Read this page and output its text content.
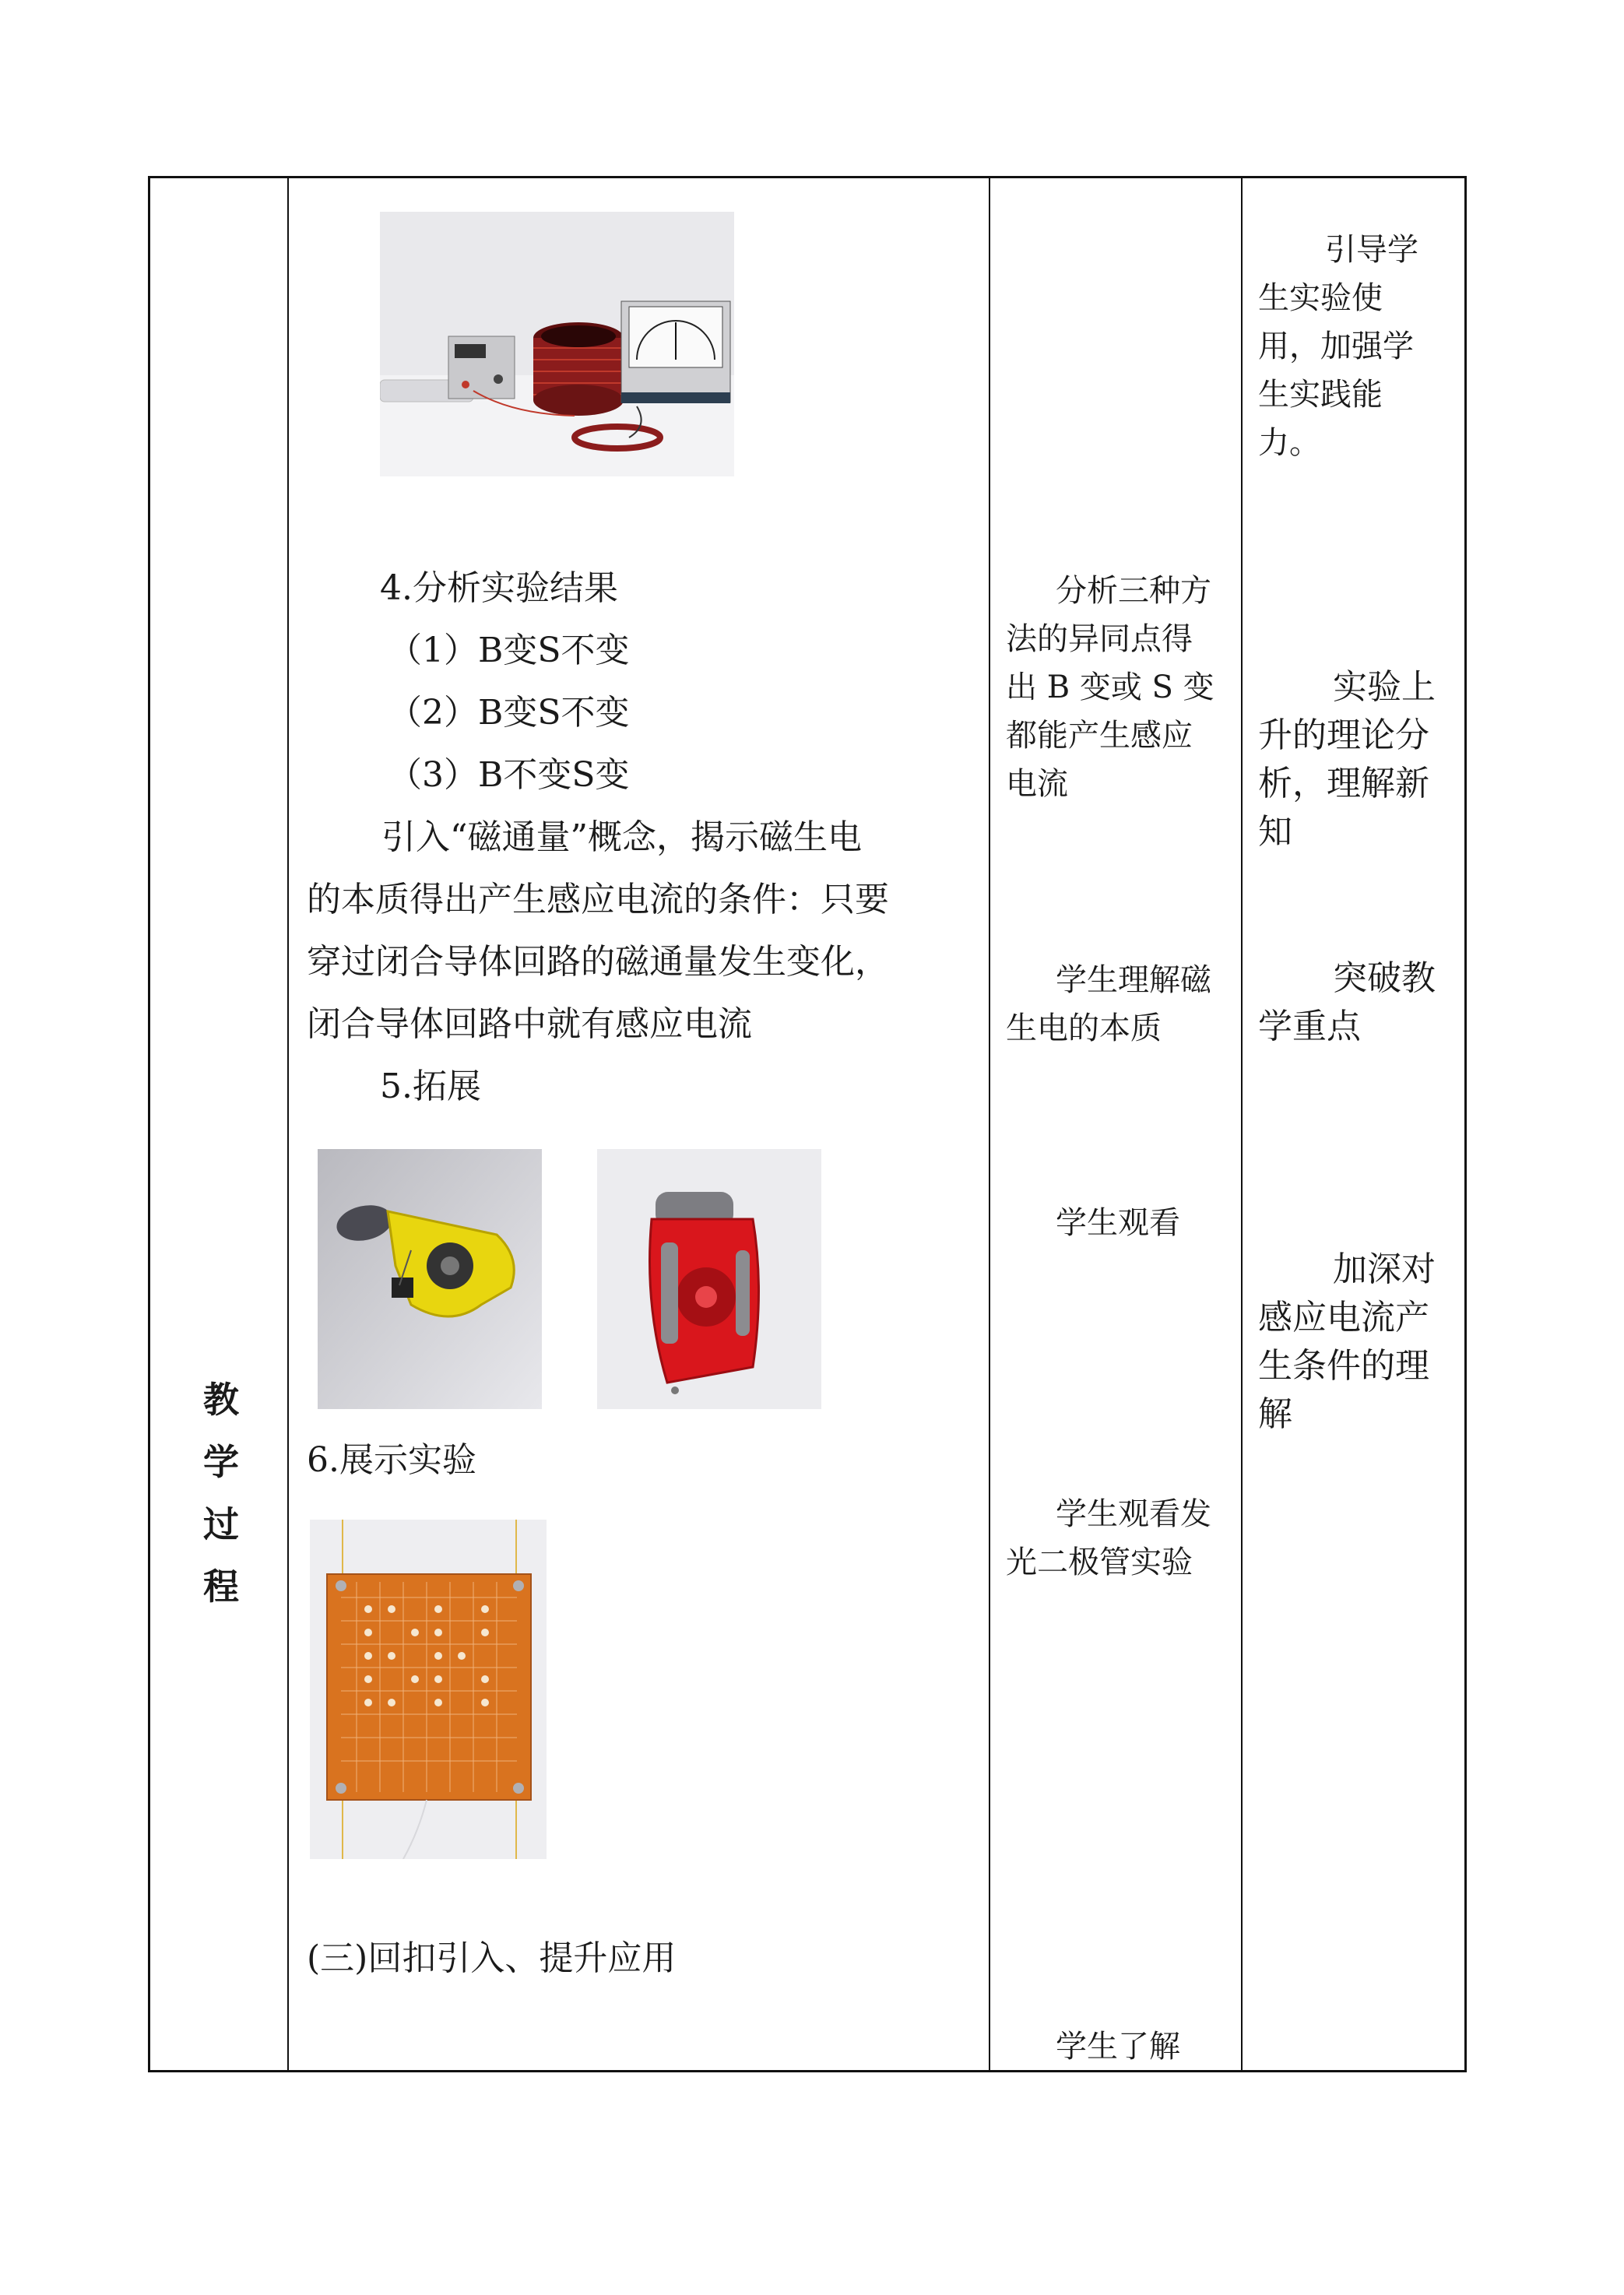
教
学
过
程
4.分析实验结果
（1）B变S不变
（2）B变S不变
（3）B不变S变
引入“磁通量”概念，揭示磁生电
的本质得出产生感应电流的条件：只要
穿过闭合导体回路的磁通量发生变化，
闭合导体回路中就有感应电流
5.拓展
6.展示实验
(三)回扣引入、提升应用
分析三种方
法的异同点得
出 B 变或 S 变
都能产生感应
电流
学生理解磁
生电的本质
学生观看
学生观看发
光二极管实验
学生了解
引导学
生实验使
用，加强学
生实践能
力。
实验上
升的理论分
析，理解新
知
突破教
学重点
加深对
感应电流产
生条件的理
解
